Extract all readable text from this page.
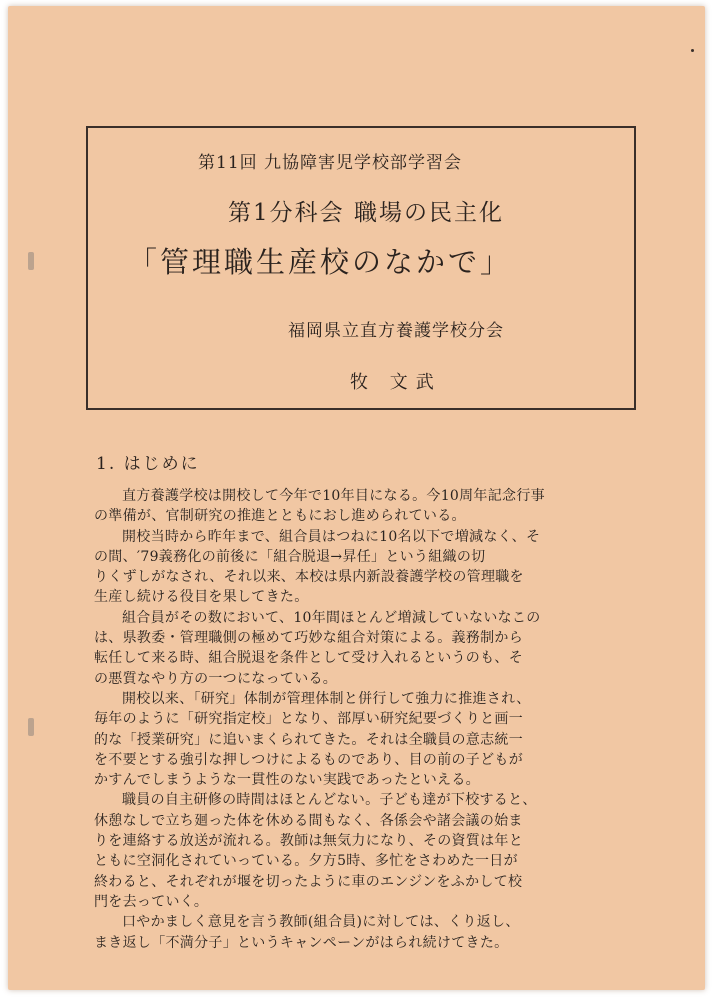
第11回 九協障害児学校部学習会
第1分科会 職場の民主化
「管理職生産校のなかで」
福岡県立直方養護学校分会
牧 文武
1. はじめに
直方養護学校は開校して今年で10年目になる。今10周年記念行事
の準備が、官制研究の推進とともにおし進められている。
開校当時から昨年まで、組合員はつねに10名以下で増減なく、そ
の間、′79義務化の前後に「組合脱退→昇任」という組織の切
りくずしがなされ、それ以来、本校は県内新設養護学校の管理職を
生産し続ける役目を果してきた。
組合員がその数において、10年間ほとんど増減していないなこの
は、県教委・管理職側の極めて巧妙な組合対策による。義務制から
転任して来る時、組合脱退を条件として受け入れるというのも、そ
の悪質なやり方の一つになっている。
開校以来、「研究」体制が管理体制と併行して強力に推進され、
毎年のように「研究指定校」となり、部厚い研究紀要づくりと画一
的な「授業研究」に追いまくられてきた。それは全職員の意志統一
を不要とする強引な押しつけによるものであり、目の前の子どもが
かすんでしまうような一貫性のない実践であったといえる。
職員の自主研修の時間はほとんどない。子ども達が下校すると、
休憩なしで立ち廻った体を休める間もなく、各係会や諸会議の始ま
りを連絡する放送が流れる。教師は無気力になり、その資質は年と
ともに空洞化されていっている。夕方5時、多忙をさわめた一日が
終わると、それぞれが堰を切ったように車のエンジンをふかして校
門を去っていく。
口やかましく意見を言う教師(組合員)に対しては、くり返し、
まき返し「不満分子」というキャンペーンがはられ続けてきた。
